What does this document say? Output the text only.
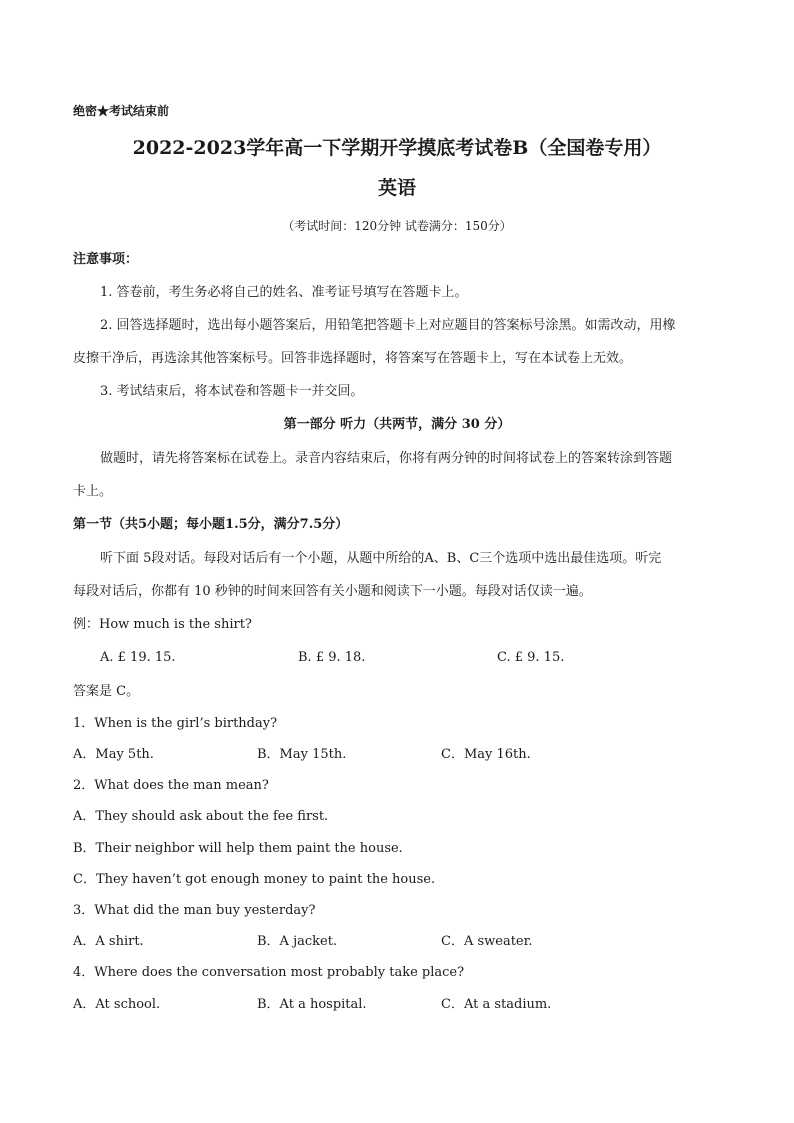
绝密★考试结束前
2022-2023学年高一下学期开学摸底考试卷B（全国卷专用）
英语
（考试时间：120分钟 试卷满分：150分）
注意事项：
1. 答卷前，考生务必将自己的姓名、准考证号填写在答题卡上。
2. 回答选择题时，选出每小题答案后，用铅笔把答题卡上对应题目的答案标号涂黑。如需改动，用橡
皮擦干净后，再选涂其他答案标号。回答非选择题时，将答案写在答题卡上，写在本试卷上无效。
3. 考试结束后，将本试卷和答题卡一并交回。
第一部分 听力（共两节，满分 30 分）
做题时，请先将答案标在试卷上。录音内容结束后，你将有两分钟的时间将试卷上的答案转涂到答题
卡上。
第一节（共5小题；每小题1.5分，满分7.5分）
听下面 5段对话。每段对话后有一个小题，从题中所给的A、B、C三个选项中选出最佳选项。听完
每段对话后，你都有 10 秒钟的时间来回答有关小题和阅读下一小题。每段对话仅读一遍。
例：How much is the shirt?
A. £ 19. 15.	B. £ 9. 18.	C. £ 9. 15.
答案是 C。
1．When is the girl’s birthday?
A．May 5th.	B．May 15th.	C．May 16th.
2．What does the man mean?
A．They should ask about the fee first.
B．Their neighbor will help them paint the house.
C．They haven’t got enough money to paint the house.
3．What did the man buy yesterday?
A．A shirt.	B．A jacket.	C．A sweater.
4．Where does the conversation most probably take place?
A．At school.	B．At a hospital.	C．At a stadium.
